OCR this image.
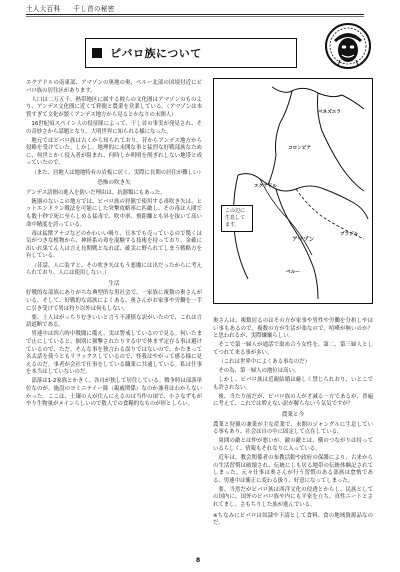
土人大百科 千し首の秘密
ピバロ族について

エクアドルの南東部、アマゾンの奥地の奥、ペルー北部の国境付近にピバロ族の居住区があります。

人口は二万五千、熱帯地区に属する彼らの文化圏はアマゾンのものより、アンデス文化圏に近くて粋鋭と農業を営業している。（アマゾンは本質すぎて文化が繁くアンデス地方から見るとかなりの未開人）

16世紀頃スペイン人の侵征隊によって、干し首の事実が発見され、その奇妙さから話題となり、大明世界に知られる様になった。

地元ではピバロ族は古くから知られており、昔からアンデス地方から侵略を受けていた。しかし、地理的に未開な事と猛烈な好戦部族なために、何世とかく侵入者が阻まれ、何時しか明明を削ぎれしない地帯と成っていたので。

（また、居地人は地地特有の岩板に居く、実際に長期の居住が難しい）

恐怖の吹き矢

アンデス語圏の進入を防いだ理由は、抗器類にもあった。

銃器のないこの地方では、ピバロ族の狩猟で使用する毒吹き矢は、ヒットエンドラン戦法を可能にした突撃攻略率に匹敵し、その毒は人間でも数十秒で死に至らしめる猛毒で、吹中率、飛距離とも昇を抜いて高い命中精度を誇っている。

毒は猛獣アナゴなどのかわいい吸り、日本でも売っているので驚くは気がつきな植物から、神経系の毒を混験する技術を持っており、金確に出いれ果てん人は言え長期戦となれば、確実に野られてしまう戦略方を有している。

（昔話、人に装すと、その吹き矢はもう悪魔には出だったからに考えられており、人には使用しない。）

生活

好戦的な部族にありがちな典型的な男社会で、一家族に複数の奥さんがいる。そして、好戦的な部族によくある、奥さんがお家事や労働を一手に引き受けて男は狩り以外は何もしない。

要、土人はがっちりむきいいと言う不謹慎な訳がいたので、これは言語道断である。

男連中は四六時中戦闘に備え、実は警戒しているので見る。何いたまで止にしていると、個別に猟撃されたりする中で休まず定存る事は避けているので、ただ、そんな事を独言わる誤りではないので、かたまって名太話を使うともリラックスしているので、怪我はやがって感る様に見えるのだ。事者が会社で仕事をしている職業に共通している。私は仕事を本当はしていないのだ。

部落は1-2家族とかきく、各自が独して居住している。戦争時は部落単位なのが、施設のヨミニテイー隊（親戚関係）なのか兼者はわからないかった。ここは、土壌の人が住んにえるのは当作の頃で、小さなずもがやり生物量がメインらしいので数人での食糧的なものが形としらい。

ベネズエラ
コロンビア
エクアドル
アマゾン
ブラジル
ペルー
この辺に生息してます。

奥さんは、複数居るのはその方が家事や男性や労働を分担しやはい事もあるので、複数の方が生活が楽なので、喧嘩が無いのか？と思われるが、実際嫌嫌らしい。

そこで第一婦人が通話で取め合う女性を、第二、第三婦人としてつれて来る事が多い。

（これは世界中によくある事なのだ）

その為、第一婦人の地位は高い。

しかし、ピバロ族は近親結婚は厳しく禁じられおり、いとこでも許されない。

後、当たり前だが、ピバロ族の人が才減る一方であるが、普遍に考えて、これでは増えない訳が解らないう気気ですが？

農業と今

農業と狩猟の兼業が主な産業で、未開のジャングルに生息している事もあり、社会は自の中に固定して点在している。

周囲の敵とは仲が悪いが、敵の敵とは、横のつながりは持っているらしく、情報もそれなりに入っている。

近年は、教会関係者の布教活動や政府の保護により、古来からの生活習慣は破壊され、伝統にしも居る地帯の伝統体験記されてしまった。元々仕事は奥さんが行う習慣のある部族は怠惰である、男連中は衝正に変わる扱り、好意になってしまった。

要、当然だがピバロ族は西洋文化の侵透とからし、民族としての国内に、国外のピバロ族や内にも平家を立ち、真性ニートとされてまし、さもちりした族が進んでいる。

※ちなみにピバロは奴隷や下請として食料、食の地域資源品なのだ。

8
